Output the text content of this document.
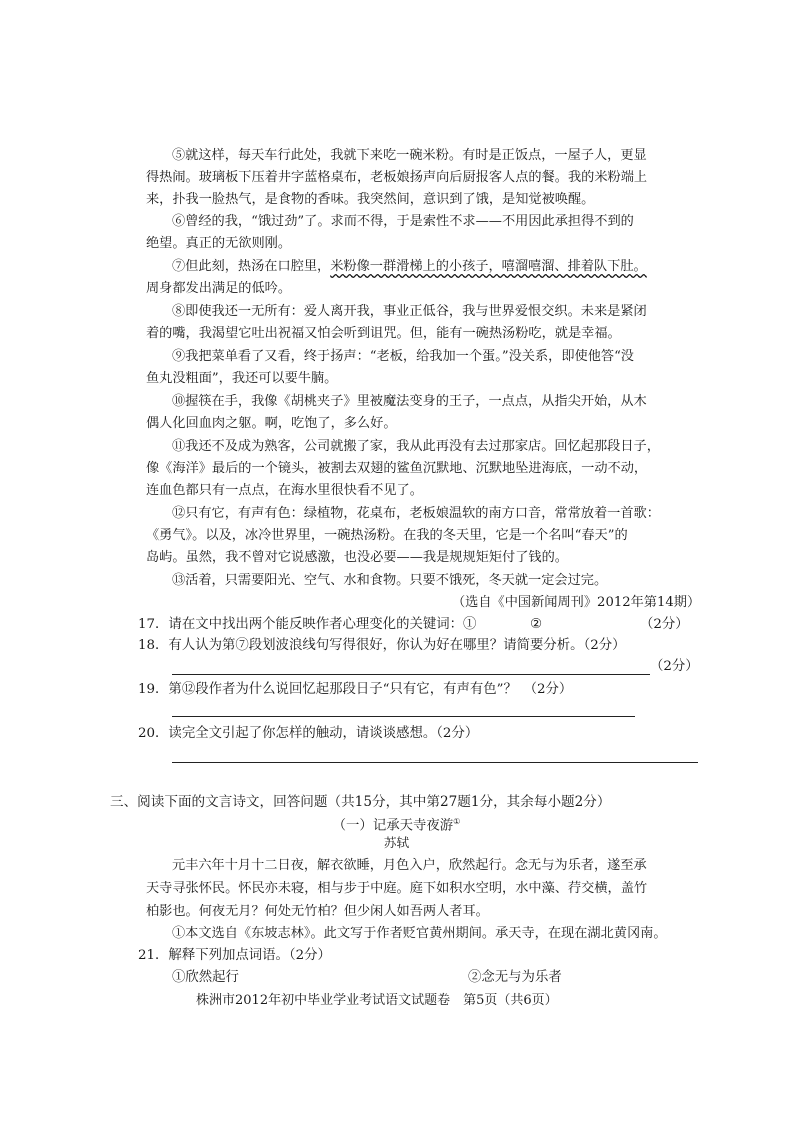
⑤就这样，每天车行此处，我就下来吃一碗米粉。有时是正饭点，一屋子人，更显
得热闹。玻璃板下压着井字蓝格桌布，老板娘扬声向后厨报客人点的餐。我的米粉端上
来，扑我一脸热气，是食物的香味。我突然间，意识到了饿，是知觉被唤醒。
⑥曾经的我，“饿过劲”了。求而不得，于是索性不求——不用因此承担得不到的
绝望。真正的无欲则刚。
⑦但此刻，热汤在口腔里，米粉像一群滑梯上的小孩子，嘻溜嘻溜、排着队下肚。
周身都发出满足的低吟。
⑧即使我还一无所有：爱人离开我，事业正低谷，我与世界爱恨交织。未来是紧闭
着的嘴，我渴望它吐出祝福又怕会听到诅咒。但，能有一碗热汤粉吃，就是幸福。
⑨我把菜单看了又看，终于扬声：“老板，给我加一个蛋。”没关系，即使他答“没
鱼丸没粗面”，我还可以要牛腩。
⑩握筷在手，我像《胡桃夹子》里被魔法变身的王子，一点点，从指尖开始，从木
偶人化回血肉之躯。啊，吃饱了，多么好。
⑪我还不及成为熟客，公司就搬了家，我从此再没有去过那家店。回忆起那段日子，
像《海洋》最后的一个镜头，被割去双翅的鲨鱼沉默地、沉默地坠进海底，一动不动，
连血色都只有一点点，在海水里很快看不见了。
⑫只有它，有声有色：绿植物，花桌布，老板娘温软的南方口音，常常放着一首歌：
《勇气》。以及，冰冷世界里，一碗热汤粉。在我的冬天里，它是一个名叫“春天”的
岛屿。虽然，我不曾对它说感激，也没必要——我是规规矩矩付了钱的。
⑬活着，只需要阳光、空气、水和食物。只要不饿死，冬天就一定会过完。
（选自《中国新闻周刊》2012年第14期）
17．请在文中找出两个能反映作者心理变化的关键词：①	②	（2分）
18．有人认为第⑦段划波浪线句写得很好，你认为好在哪里？请简要分析。（2分）
（2分）
19．第⑫段作者为什么说回忆起那段日子“只有它，有声有色”？　（2分）
20．读完全文引起了你怎样的触动，请谈谈感想。（2分）
三、阅读下面的文言诗文，回答问题（共15分，其中第27题1分，其余每小题2分）
（一）记承天寺夜游①
苏轼
元丰六年十月十二日夜，解衣欲睡，月色入户，欣然起行。念无与为乐者，遂至承
天寺寻张怀民。怀民亦未寝，相与步于中庭。庭下如积水空明，水中藻、荇交横，盖竹
柏影也。何夜无月？何处无竹柏？但少闲人如吾两人者耳。
①本文选自《东坡志林》。此文写于作者贬官黄州期间。承天寺，在现在湖北黄冈南。
21．解释下列加点词语。（2分）
①欣然起行	②念无与为乐者
株洲市2012年初中毕业学业考试语文试题卷　第5页（共6页）
